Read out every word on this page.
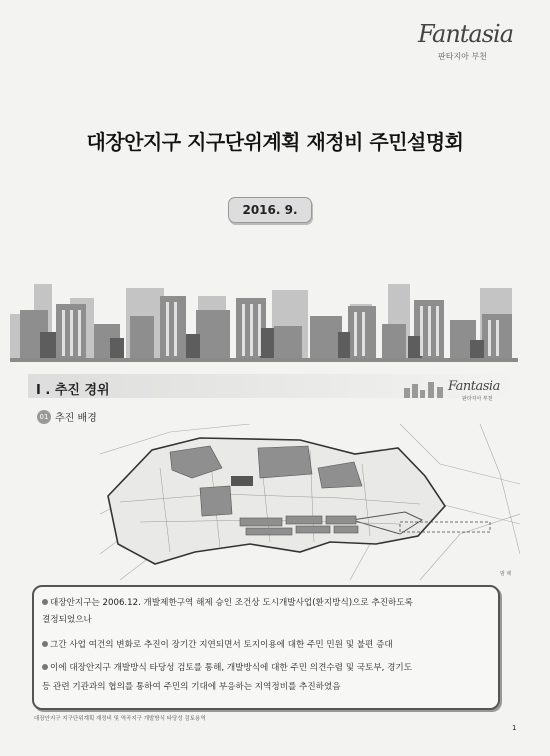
Fantasia
판타지아 부천
대장안지구 지구단위계획 재정비 주민설명회
2016. 9.
I . 추진 경위	Fantasia
판타지아 부천
01 추진 배경
범 례
대장안지구는 2006.12. 개발제한구역 해제 승인 조건상 도시개발사업(환지방식)으로 추진하도록
결정되었으나
그간 사업 여건의 변화로 추진이 장기간 지연되면서 토지이용에 대한 주민 민원 및 불편 증대
이에 대장안지구 개발방식 타당성 검토를 통해, 개발방식에 대한 주민 의견수렴 및 국토부, 경기도
등 관련 기관과의 협의를 통하여 주민의 기대에 부응하는 지역정비를 추진하였음
대장안지구 지구단위계획 재정비 및 역곡지구 개발방식 타당성 검토용역
1
